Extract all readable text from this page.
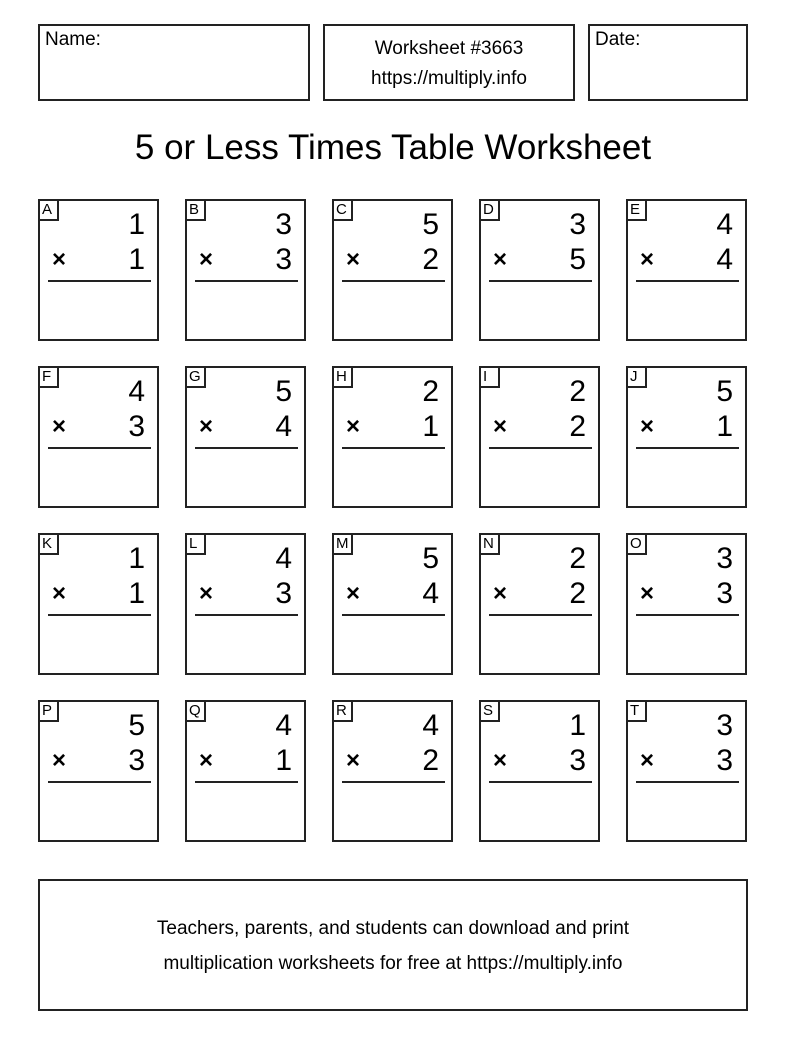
Name:	Worksheet #3663
https://multiply.info
Date:
5 or Less Times Table Worksheet
A	1
× 1
B	3
× 3
C	5
× 2
D	3
× 5
E	4
× 4
F	4
× 3
G 5
× 4
H	2
× 1
I	2
× 2
J	5
× 1
K	1
× 1
L	4
× 3
M 5
× 4
N	2
× 2
O 3
× 3
P	5
× 3
Q 4
× 1
R	4
× 2
S	1
× 3
T	3
× 3
Teachers, parents, and students can download and print
multiplication worksheets for free at https://multiply.info
